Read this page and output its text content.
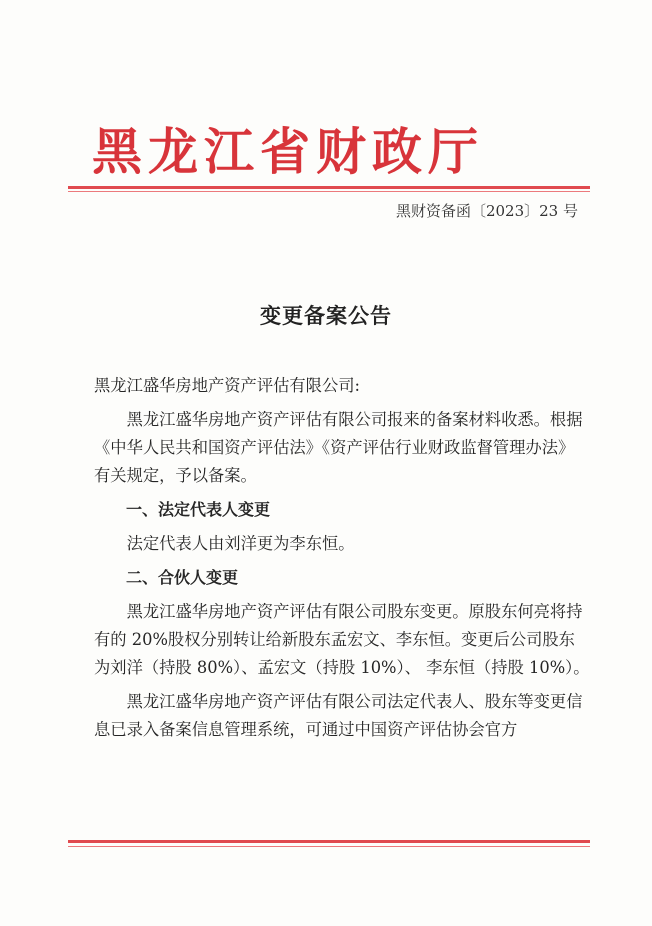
黑龙江省财政厅
黑财资备函〔2023〕23 号
变更备案公告

黑龙江盛华房地产资产评估有限公司:

黑龙江盛华房地产资产评估有限公司报来的备案材料收悉。根据《中华人民共和国资产评估法》《资产评估行业财政监督管理办法》有关规定，予以备案。

一、法定代表人变更

法定代表人由刘洋更为李东恒。

二、合伙人变更

黑龙江盛华房地产资产评估有限公司股东变更。原股东何亮将持有的 20%股权分别转让给新股东孟宏文、李东恒。变更后公司股东为刘洋（持股 80%）、孟宏文（持股 10%）、 李东恒（持股 10%）。

黑龙江盛华房地产资产评估有限公司法定代表人、股东等变更信息已录入备案信息管理系统，可通过中国资产评估协会官方
